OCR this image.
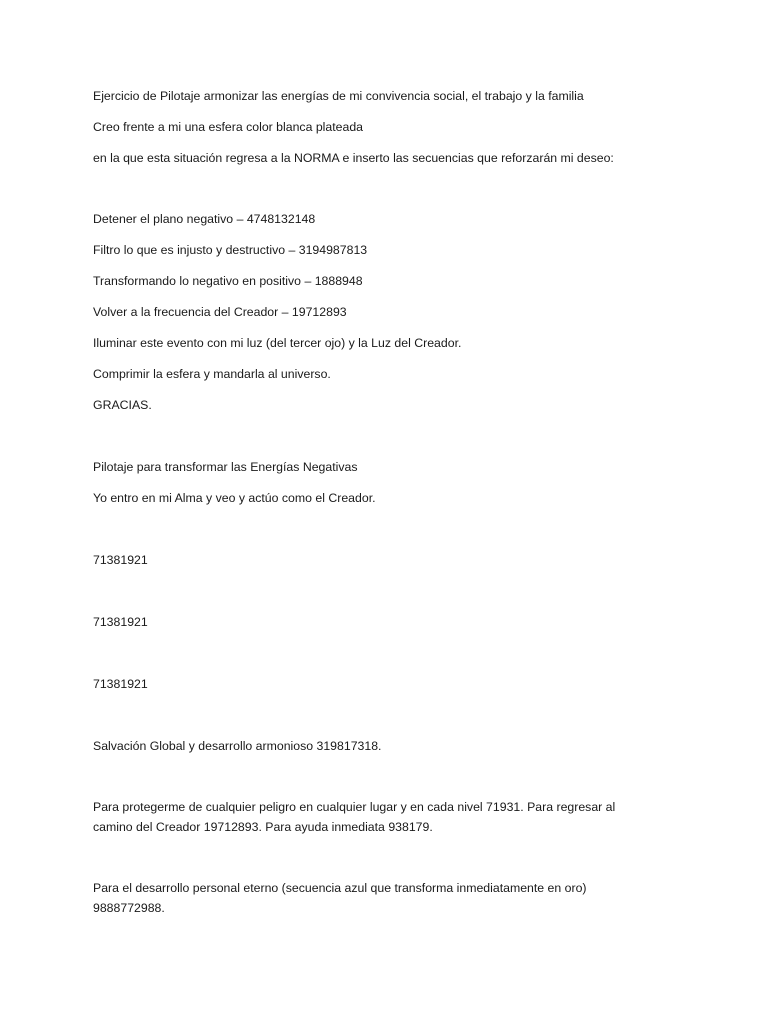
Ejercicio de Pilotaje armonizar las energías de mi convivencia social, el trabajo y la familia
Creo frente a mi una esfera color blanca plateada
en la que esta situación regresa a la NORMA e inserto las secuencias que reforzarán mi deseo:
Detener el plano negativo – 4748132148
Filtro lo que es injusto y destructivo – 3194987813
Transformando lo negativo en positivo – 1888948
Volver a la frecuencia del Creador – 19712893
Iluminar este evento con mi luz (del tercer ojo) y la Luz del Creador.
Comprimir la esfera y mandarla al universo.
GRACIAS.
Pilotaje para transformar las Energías Negativas
Yo entro en mi Alma y veo y actúo como el Creador.
71381921
71381921
71381921
Salvación Global y desarrollo armonioso 319817318.
Para protegerme de cualquier peligro en cualquier lugar y en cada nivel 71931. Para regresar al camino del Creador 19712893. Para ayuda inmediata 938179.
Para el desarrollo personal eterno (secuencia azul que transforma inmediatamente en oro) 9888772988.
